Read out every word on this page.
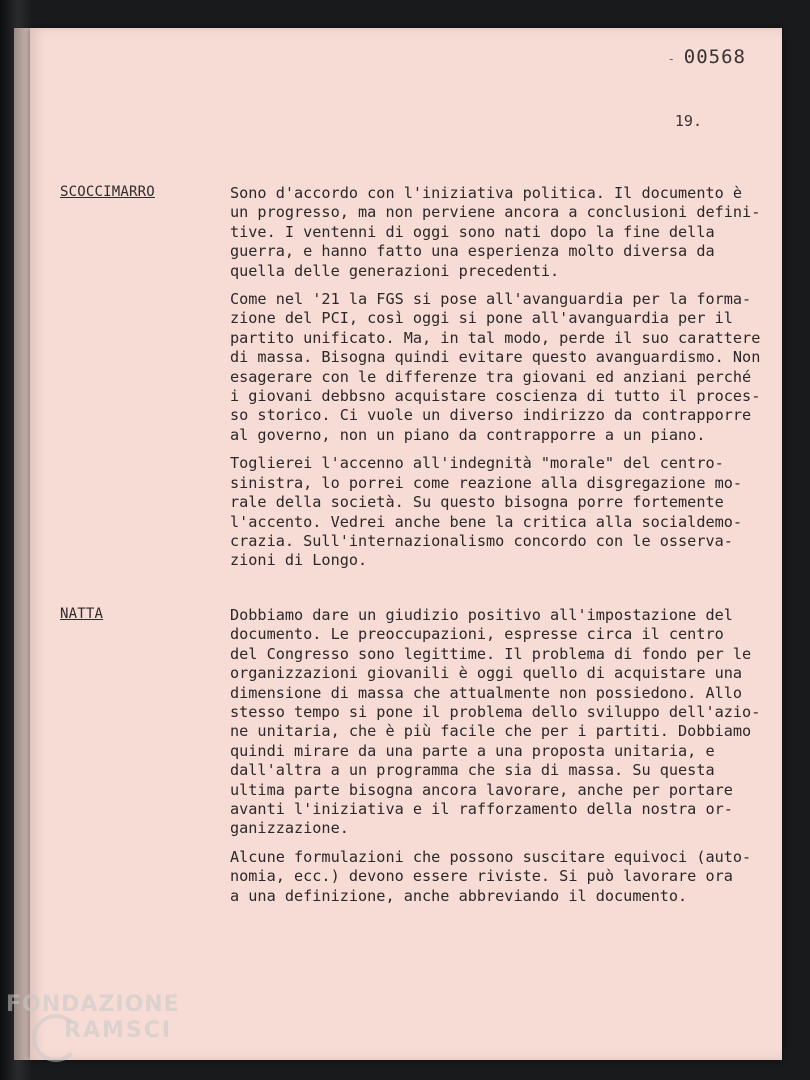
- 00568
19.
SCOCCIMARRO	Sono d'accordo con l'iniziativa politica. Il documento è
un progresso, ma non perviene ancora a conclusioni defini-
tive. I ventenni di oggi sono nati dopo la fine della
guerra, e hanno fatto una esperienza molto diversa da
quella delle generazioni precedenti.

Come nel '21 la FGS si pose all'avanguardia per la forma-
zione del PCI, così oggi si pone all'avanguardia per il
partito unificato. Ma, in tal modo, perde il suo carattere
di massa. Bisogna quindi evitare questo avanguardismo. Non
esagerare con le differenze tra giovani ed anziani perché
i giovani debbsno acquistare coscienza di tutto il proces-
so storico. Ci vuole un diverso indirizzo da contrapporre
al governo, non un piano da contrapporre a un piano.

Toglierei l'accenno all'indegnità "morale" del centro-
sinistra, lo porrei come reazione alla disgregazione mo-
rale della società. Su questo bisogna porre fortemente
l'accento. Vedrei anche bene la critica alla socialdemo-
crazia. Sull'internazionalismo concordo con le osserva-
zioni di Longo.

NATTA	Dobbiamo dare un giudizio positivo all'impostazione del
documento. Le preoccupazioni, espresse circa il centro
del Congresso sono legittime. Il problema di fondo per le
organizzazioni giovanili è oggi quello di acquistare una
dimensione di massa che attualmente non possiedono. Allo
stesso tempo si pone il problema dello sviluppo dell'azio-
ne unitaria, che è più facile che per i partiti. Dobbiamo
quindi mirare da una parte a una proposta unitaria, e
dall'altra a un programma che sia di massa. Su questa
ultima parte bisogna ancora lavorare, anche per portare
avanti l'iniziativa e il rafforzamento della nostra or-
ganizzazione.

Alcune formulazioni che possono suscitare equivoci (auto-
nomia, ecc.) devono essere riviste. Si può lavorare ora
a una definizione, anche abbreviando il documento.

FONDAZIONE
RAMSCI
